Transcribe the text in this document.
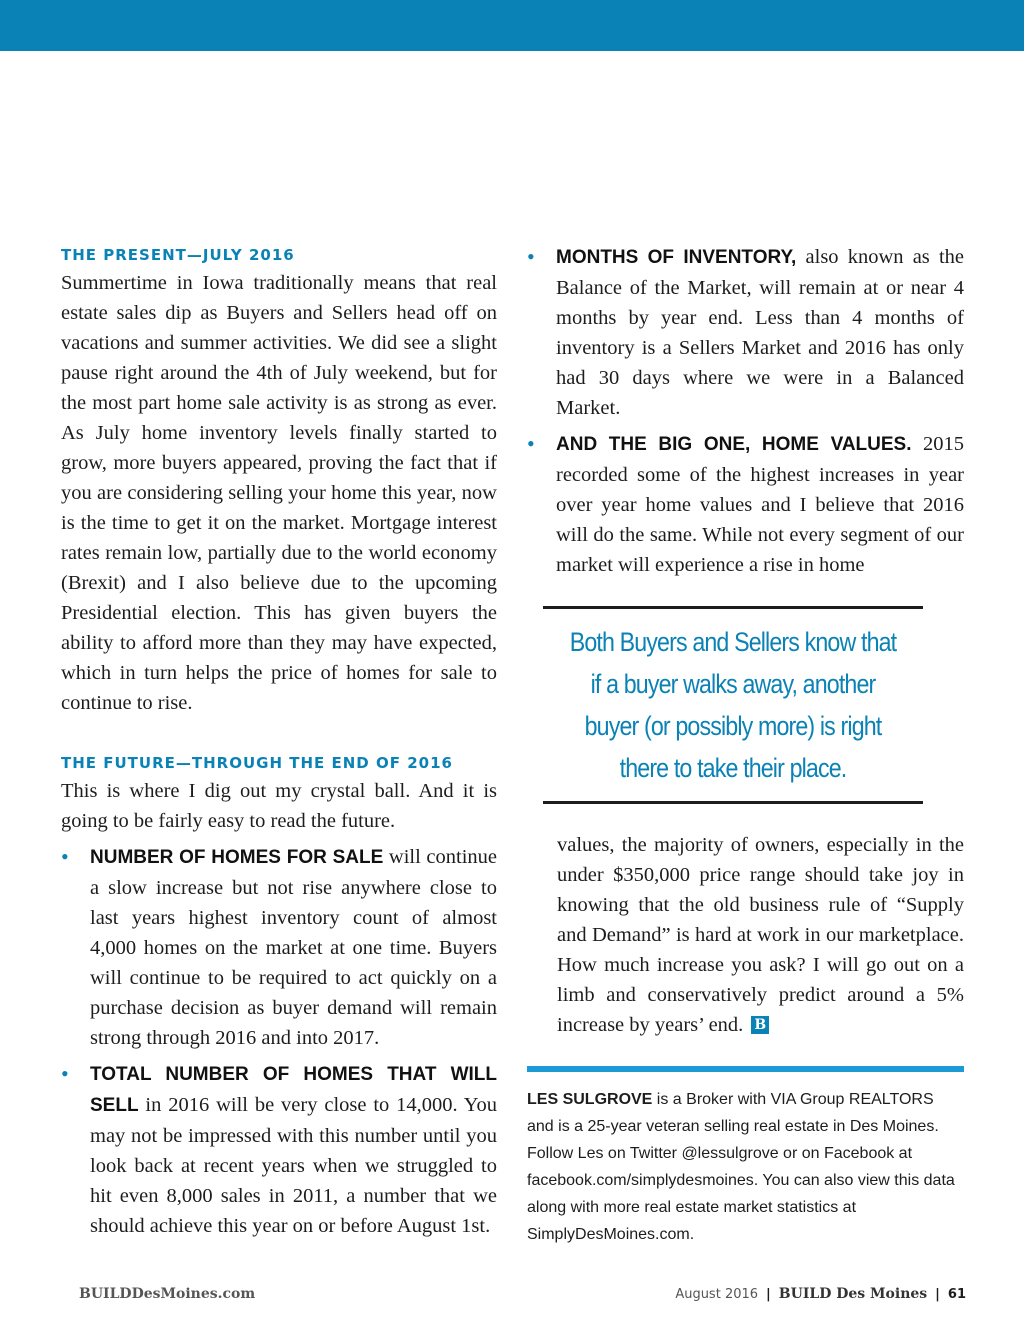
THE PRESENT—JULY 2016

Summertime in Iowa traditionally means that real estate sales dip as Buyers and Sellers head off on vacations and summer activities. We did see a slight pause right around the 4th of July weekend, but for the most part home sale activity is as strong as ever. As July home inventory levels finally started to grow, more buyers appeared, proving the fact that if you are considering selling your home this year, now is the time to get it on the market. Mortgage interest rates remain low, partially due to the world economy (Brexit) and I also believe due to the upcoming Presidential election. This has given buyers the ability to afford more than they may have expected, which in turn helps the price of homes for sale to continue to rise.

THE FUTURE—THROUGH THE END OF 2016

This is where I dig out my crystal ball. And it is going to be fairly easy to read the future.

•	NUMBER OF HOMES FOR SALE will continue a slow increase but not rise anywhere close to last years highest inventory count of almost 4,000 homes on the market at one time. Buyers will continue to be required to act quickly on a purchase decision as buyer demand will remain strong through 2016 and into 2017.
•	TOTAL NUMBER OF HOMES THAT WILL SELL in 2016 will be very close to 14,000. You may not be impressed with this number until you look back at recent years when we struggled to hit even 8,000 sales in 2011, a number that we should achieve this year on or before August 1st.
•	MONTHS OF INVENTORY, also known as the Balance of the Market, will remain at or near 4 months by year end. Less than 4 months of inventory is a Sellers Market and 2016 has only had 30 days where we were in a Balanced Market.
•	AND THE BIG ONE, HOME VALUES. 2015 recorded some of the highest increases in year over year home values and I believe that 2016 will do the same. While not every segment of our market will experience a rise in home

Both Buyers and Sellers know that if a buyer walks away, another buyer (or possibly more) is right there to take their place.

values, the majority of owners, especially in the under $350,000 price range should take joy in knowing that the old business rule of “Supply and Demand” is hard at work in our marketplace. How much increase you ask? I will go out on a limb and conservatively predict around a 5% increase by years’ end. B

LES SULGROVE is a Broker with VIA Group REALTORS and is a 25-year veteran selling real estate in Des Moines. Follow Les on Twitter @lessulgrove or on Facebook at facebook.com/simplydesmoines. You can also view this data along with more real estate market statistics at SimplyDesMoines.com.

BUILDDesMoines.com	August 2016 | BUILD Des Moines | 61
